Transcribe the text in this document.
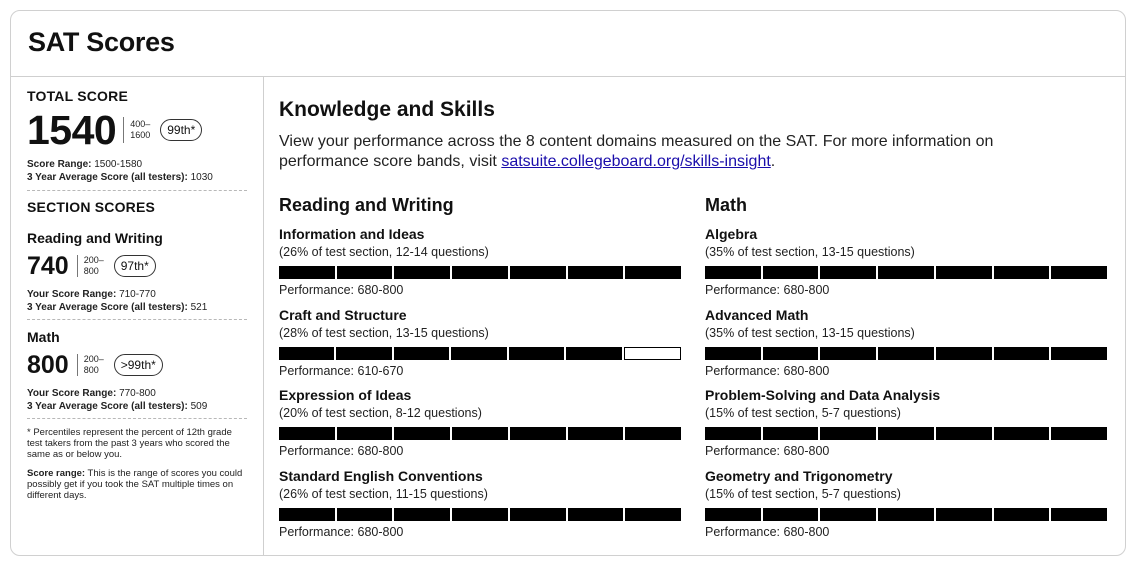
SAT Scores
TOTAL SCORE
1540 400–
1600	99th*
Score Range: 1500-1580
3 Year Average Score (all testers): 1030
SECTION SCORES
Reading and Writing
740 200–
800	97th*
Your Score Range: 710-770
3 Year Average Score (all testers): 521
Math
800 200–
800	>99th*
Your Score Range: 770-800
3 Year Average Score (all testers): 509
* Percentiles represent the percent of 12th grade test takers from the past 3 years who scored the same as or below you.
Score range: This is the range of scores you could possibly get if you took the SAT multiple times on different days.
Knowledge and Skills
View your performance across the 8 content domains measured on the SAT. For more information on performance score bands, visit satsuite.collegeboard.org/skills-insight.
Reading and Writing
Information and Ideas
(26% of test section, 12-14 questions)
Performance: 680-800
Craft and Structure
(28% of test section, 13-15 questions)
Performance: 610-670
Expression of Ideas
(20% of test section, 8-12 questions)
Performance: 680-800
Standard English Conventions
(26% of test section, 11-15 questions)
Performance: 680-800
Math
Algebra
(35% of test section, 13-15 questions)
Performance: 680-800
Advanced Math
(35% of test section, 13-15 questions)
Performance: 680-800
Problem-Solving and Data Analysis
(15% of test section, 5-7 questions)
Performance: 680-800
Geometry and Trigonometry
(15% of test section, 5-7 questions)
Performance: 680-800
